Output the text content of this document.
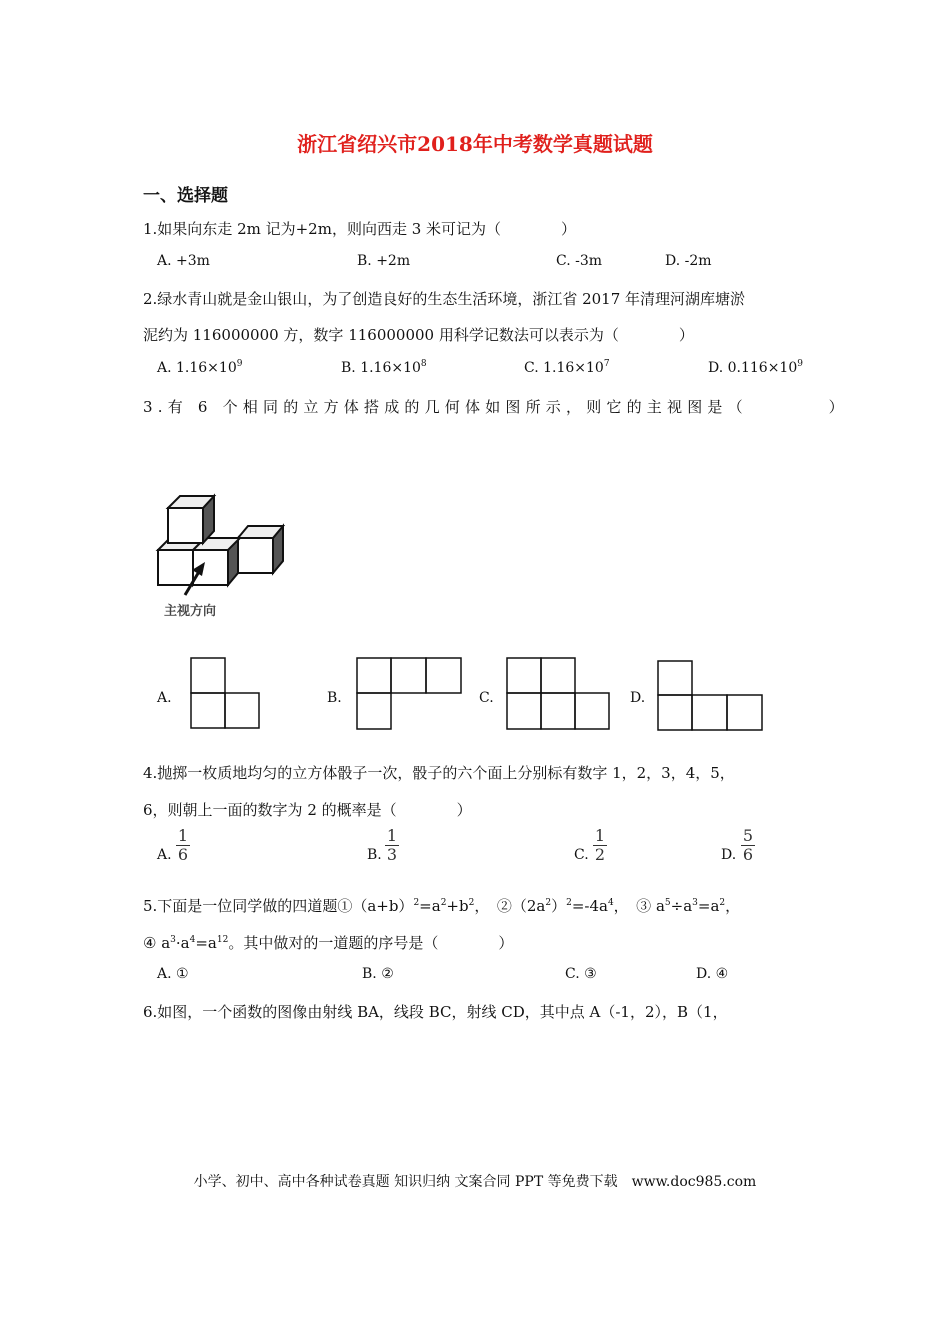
浙江省绍兴市2018年中考数学真题试题
一、选择题
1.如果向东走 2m 记为+2m，则向西走 3 米可记为（　　　　）
A. +3m	B. +2m	C. -3m	D. -2m
2.绿水青山就是金山银山，为了创造良好的生态生活环境，浙江省 2017 年清理河湖库塘淤
泥约为 116000000 方，数字 116000000 用科学记数法可以表示为（　　　　）
A. $1.16\times 10^9$	B. $1.16\times 10^8$	C. $1.16\times 10^7$	D. $0.116\times 10^9$
3.有 6 个相同的立方体搭成的几何体如图所示，则它的主视图是（　　　　）
主视方向
A.	B.	C.	D.
4.抛掷一枚质地均匀的立方体骰子一次，骰子的六个面上分别标有数字 1，2，3，4，5，
6，则朝上一面的数字为 2 的概率是（　　　　）
A.
1
6	B.
1
3	C.
1
2	D.
5
6
5.下面是一位同学做的四道题$①(a+b)^2=a^2+b^2$，　$②(2a^2)^2=-4a^4$，　③ $a^5\div a^3=a^2$，
④ $a^3\cdot a^4=a^{12}$。其中做对的一道题的序号是（　　　　）
A. ①	B. ②	C. ③	D. ④
6.如图，一个函数的图像由射线 BA，线段 BC，射线 CD，其中点 A（-1，2），B（1，
小学、初中、高中各种试卷真题 知识归纳 文案合同 PPT 等免费下载　www.doc985.com
